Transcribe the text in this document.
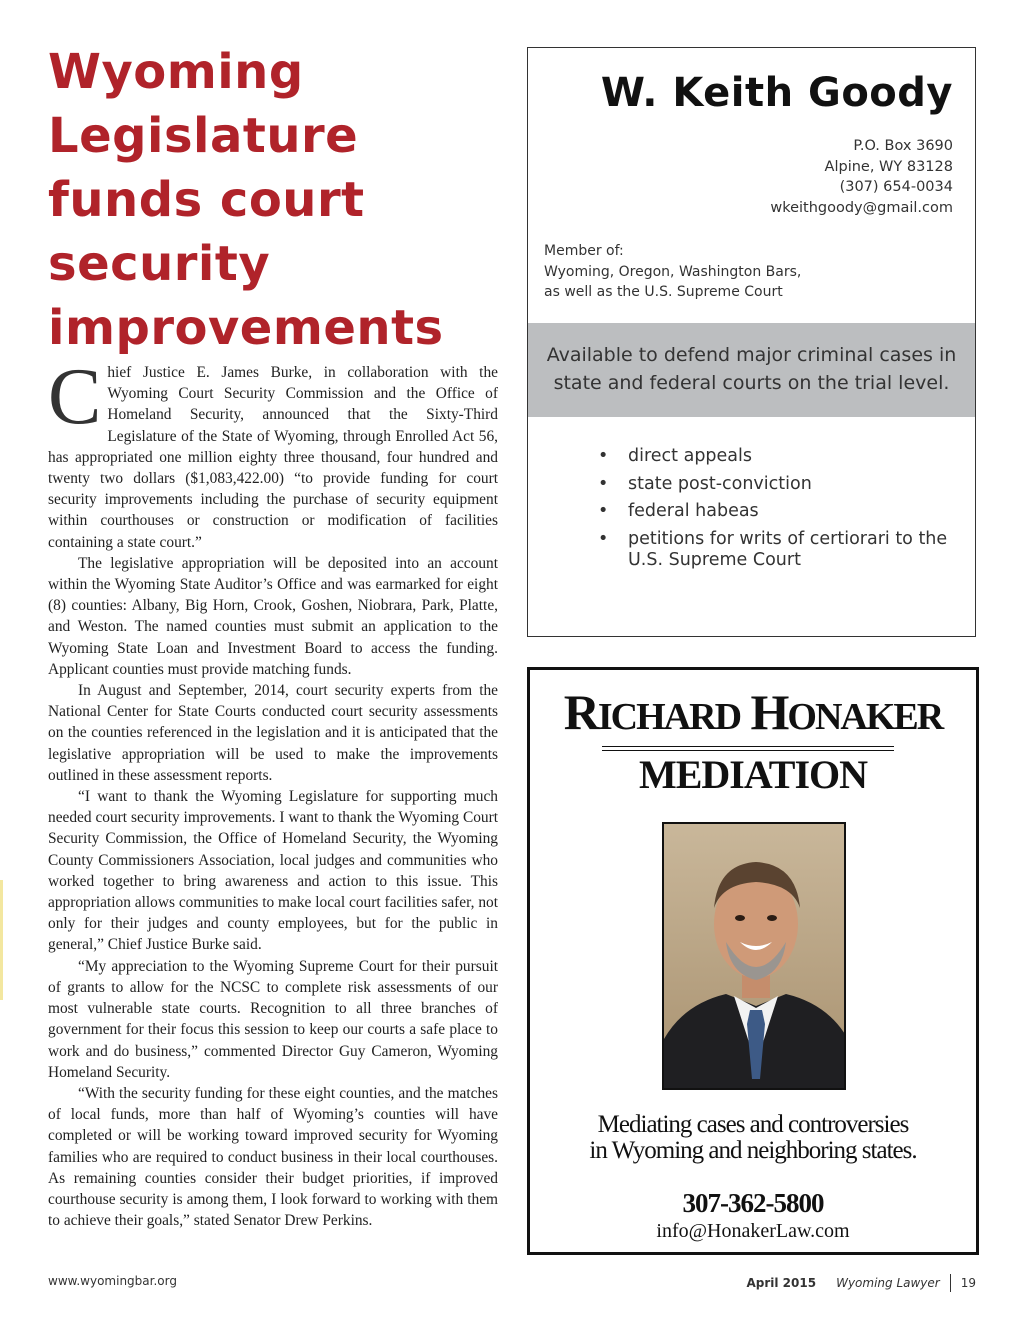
Wyoming Legislature funds court security improvements

Chief Justice E. James Burke, in collaboration with the Wyoming Court Security Commission and the Office of Homeland Security, announced that the Sixty-Third Legislature of the State of Wyoming, through Enrolled Act 56, has appropriated one million eighty three thousand, four hundred and twenty two dollars ($1,083,422.00) “to provide funding for court security improvements including the purchase of security equipment within courthouses or construction or modification of facilities containing a state court.”

The legislative appropriation will be deposited into an account within the Wyoming State Auditor’s Office and was earmarked for eight (8) counties: Albany, Big Horn, Crook, Goshen, Niobrara, Park, Platte, and Weston. The named counties must submit an application to the Wyoming State Loan and Investment Board to access the funding. Applicant counties must provide matching funds.

In August and September, 2014, court security experts from the National Center for State Courts conducted court security assessments on the counties referenced in the legislation and it is anticipated that the legislative appropriation will be used to make the improvements outlined in these assessment reports.

“I want to thank the Wyoming Legislature for supporting much needed court security improvements. I want to thank the Wyoming Court Security Commission, the Office of Homeland Security, the Wyoming County Commissioners Association, local judges and communities who worked together to bring awareness and action to this issue. This appropriation allows communities to make local court facilities safer, not only for their judges and county employees, but for the public in general,” Chief Justice Burke said.

“My appreciation to the Wyoming Supreme Court for their pursuit of grants to allow for the NCSC to complete risk assessments of our most vulnerable state courts. Recognition to all three branches of government for their focus this session to keep our courts a safe place to work and do business,” commented Director Guy Cameron, Wyoming Homeland Security.

“With the security funding for these eight counties, and the matches of local funds, more than half of Wyoming’s counties will have completed or will be working toward improved security for Wyoming families who are required to conduct business in their local courthouses. As remaining counties consider their budget priorities, if improved courthouse security is among them, I look forward to working with them to achieve their goals,” stated Senator Drew Perkins.

W. Keith Goody
P.O. Box 3690
Alpine, WY 83128
(307) 654-0034
wkeithgoody@gmail.com
Member of:
Wyoming, Oregon, Washington Bars,
as well as the U.S. Supreme Court
Available to defend major criminal cases in state and federal courts on the trial level.
• direct appeals
• state post-conviction
• federal habeas
• petitions for writs of certiorari to the U.S. Supreme Court
RICHARD HONAKER
MEDIATION
Mediating cases and controversies
in Wyoming and neighboring states.
307-362-5800
info@HonakerLaw.com
www.wyomingbar.org	April 2015 Wyoming Lawyer 19
